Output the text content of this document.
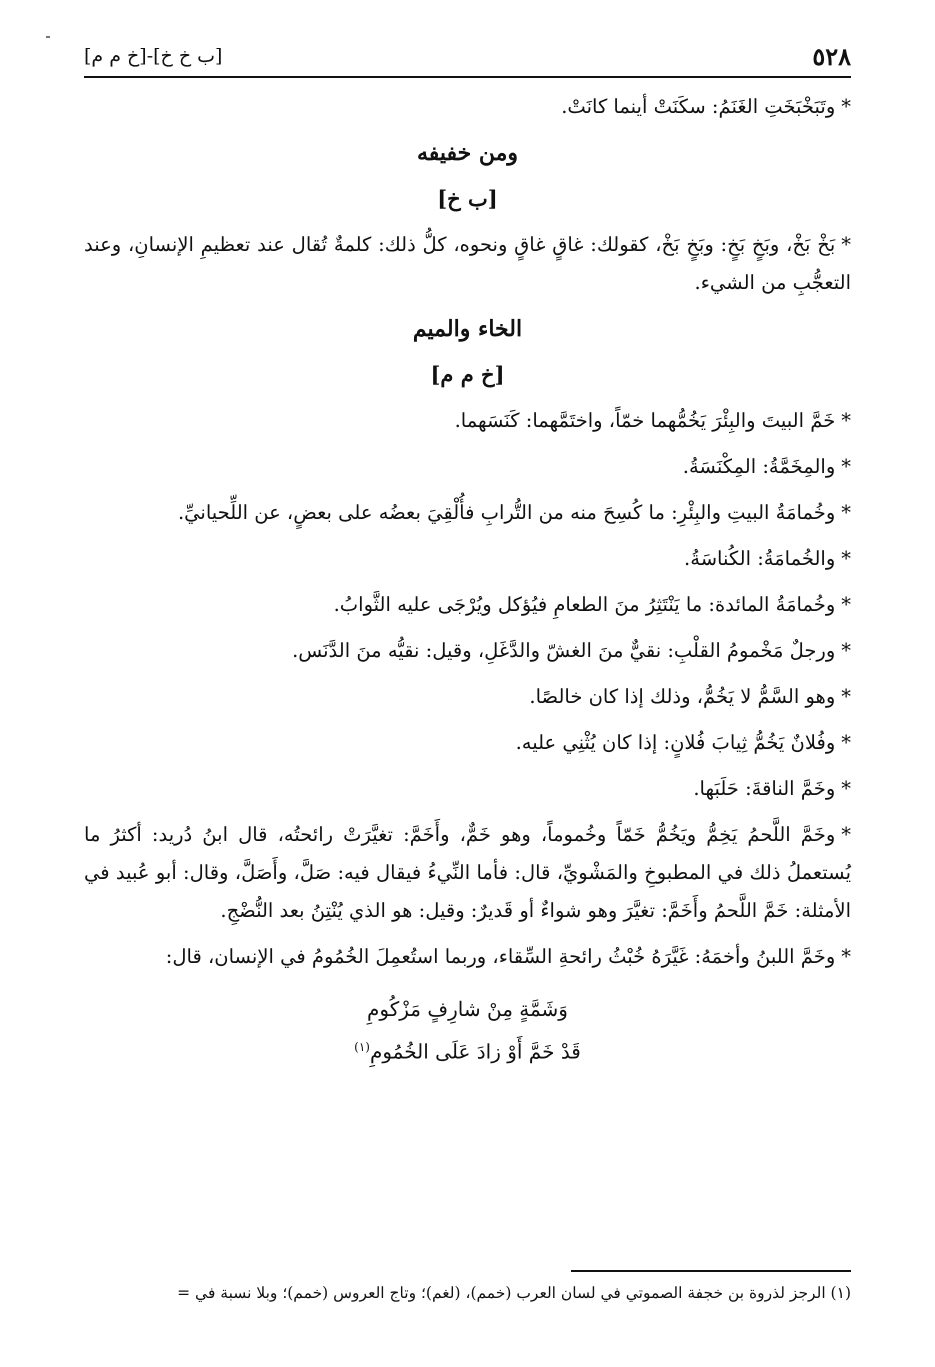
٥٢٨
[ب خ خ]-[خ م م]

*وتَبَخْبَخَتِ الغَنَمُ: سكَنَتْ أينما كانَتْ.

ومن خفيفه
[ب خ]

*بَخْ بَخْ، وبَخٍ بَخٍ: وبَخٍ بَخْ، كقولك: غاقٍ غاقٍ ونحوه، كلُّ ذلك: كلمةٌ تُقال عند تعظيمِ الإنسانِ، وعند التعجُّبِ من الشيء.

الخاء والميم
[خ م م]

*خَمَّ البيتَ والبِئْرَ يَخُمُّهما خمّاً، واختَمَّهما: كَنَسَهما.

*والمِخَمَّةُ: المِكْنَسَةُ.

*وخُمامَةُ البيتِ والبِئْرِ: ما كُسِحَ منه من التُّرابِ فأُلْقِيَ بعضُه على بعضٍ، عن اللِّحيانيِّ.

*والخُمامَةُ: الكُناسَةُ.

*وخُمامَةُ المائدة: ما يَنْتَثِرُ منَ الطعامِ فيُؤكل ويُرْجَى عليه الثَّوابُ.

*ورجلٌ مَخْمومُ القلْبِ: نقيٌّ منَ الغشّ والدَّغَلِ، وقيل: نقيُّه منَ الدَّنَس.

*وهو السَّمُّ لا يَخُمُّ، وذلك إذا كان خالصًا.

*وفُلانٌ يَخُمُّ ثِيابَ فُلانٍ: إذا كان يُثْنِي عليه.

*وخَمَّ الناقةَ: حَلَبَها.

*وخَمَّ اللَّحمُ يَخِمُّ ويَخُمُّ خَمّاً وخُموماً، وهو خَمٌّ، وأَخَمَّ: تغيَّرَتْ رائحتُه، قال ابنُ دُريد: أكثرُ ما يُستعملُ ذلك في المطبوخِ والمَشْويِّ، قال: فأما النِّيءُ فيقال فيه: صَلَّ، وأَصَلَّ، وقال: أبو عُبيد في الأمثلة: خَمَّ اللَّحمُ وأَخَمَّ: تغيَّرَ وهو شواءٌ أو قَديرٌ: وقيل: هو الذي يُنْتِنُ بعد النُّضْجِ.

*وخَمَّ اللبنُ وأخمَهُ: غَيَّرَهُ خُبْثُ رائحةِ السِّقاء، وربما استُعمِلَ الخُمُومُ في الإنسان، قال:

وَشَمَّةٍ مِنْ شارِفٍ مَزْكُومِ
قَدْ خَمَّ أَوْ زادَ عَلَى الخُمُومِ$^{(١)}$
(١) الرجز لذروة بن خجفة الصموتي في لسان العرب (خمم)، (لغم)؛ وتاج العروس (خمم)؛ وبلا نسبة في =
